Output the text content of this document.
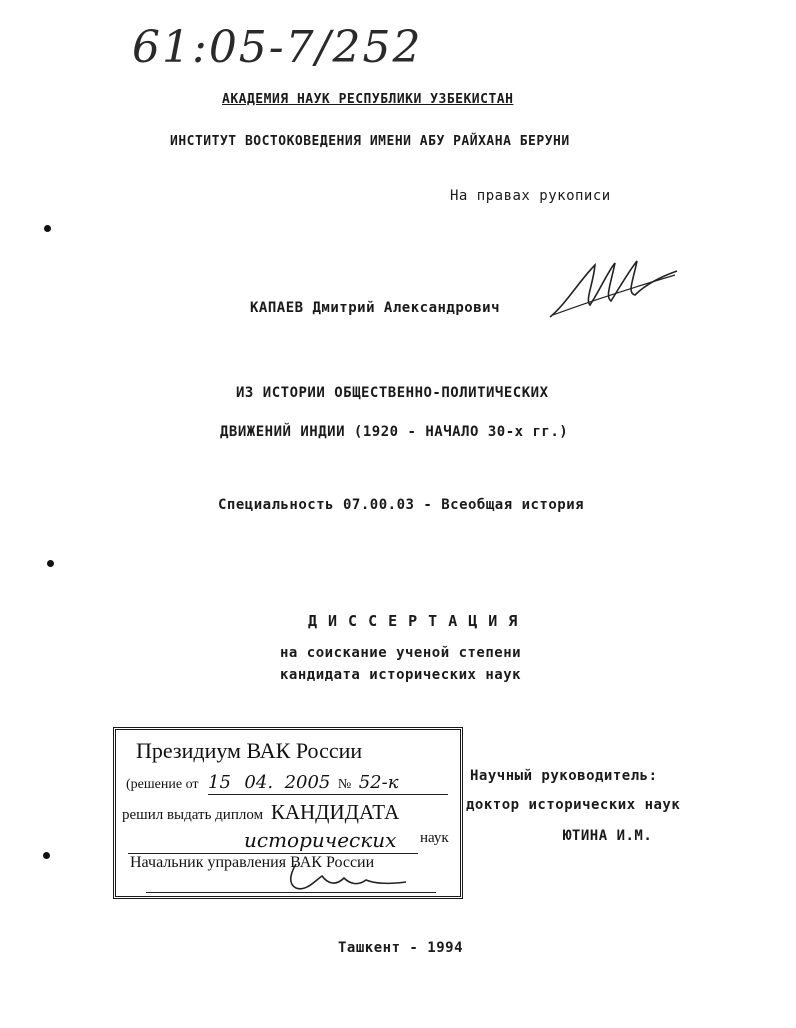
61:05-7/252
АКАДЕМИЯ НАУК РЕСПУБЛИКИ УЗБЕКИСТАН
ИНСТИТУТ ВОСТОКОВЕДЕНИЯ ИМЕНИ АБУ РАЙХАНА БЕРУНИ
На правах рукописи
КАПАЕВ Дмитрий Александрович
ИЗ ИСТОРИИ ОБЩЕСТВЕННО-ПОЛИТИЧЕСКИХ
ДВИЖЕНИЙ ИНДИИ (1920 - НАЧАЛО 30-х гг.)
Специальность 07.00.03 - Всеобщая история
ДИССЕРТАЦИЯ
на соискание ученой степени
кандидата исторических наук
Научный руководитель:
доктор исторических наук
ЮТИНА И.М.
Президиум ВАК России
(решение от 15 04. 2005 № 52-к
решил выдать диплом КАНДИДАТА
исторических наук
Начальник управления ВАК России
Ташкент - 1994
